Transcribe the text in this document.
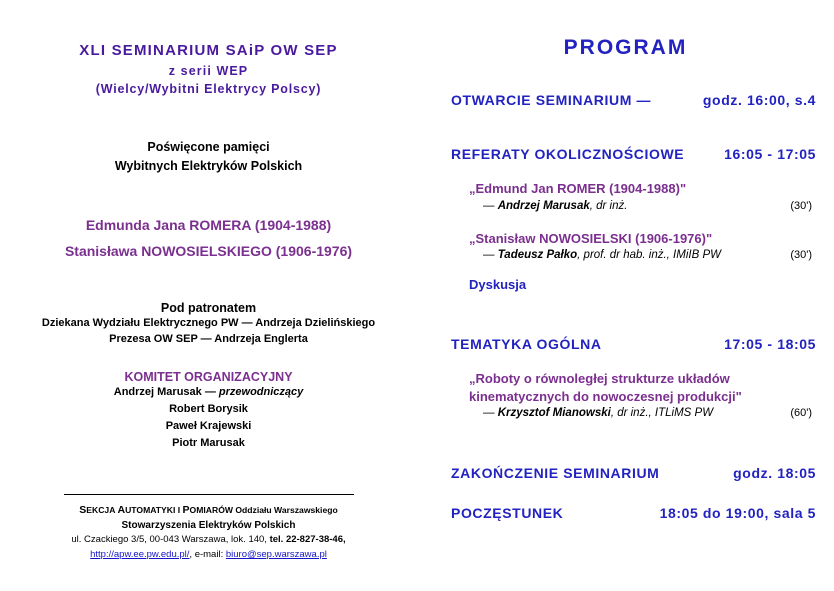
XLI SEMINARIUM SAiP OW SEP
z serii WEP
(Wielcy/Wybitni Elektrycy Polscy)
Poświęcone pamięci
Wybitnych Elektryków Polskich
Edmunda Jana ROMERA (1904-1988)
Stanisława NOWOSIELSKIEGO (1906-1976)
Pod patronatem
Dziekana Wydziału Elektrycznego PW — Andrzeja Dzielińskiego
Prezesa OW SEP — Andrzeja Englerta
KOMITET ORGANIZACYJNY
Andrzej Marusak — przewodniczący
Robert Borysik
Paweł Krajewski
Piotr Marusak
SEKCJA AUTOMATYKI I POMIARÓW Oddziału Warszawskiego
Stowarzyszenia Elektryków Polskich
ul. Czackiego 3/5, 00-043 Warszawa, lok. 140, tel. 22-827-38-46,
http://apw.ee.pw.edu.pl/, e-mail: biuro@sep.warszawa.pl
PROGRAM
OTWARCIE SEMINARIUM —	godz. 16:00, s.4
REFERATY OKOLICZNOŚCIOWE	16:05 - 17:05
„Edmund Jan ROMER (1904-1988)"
— Andrzej Marusak, dr inż.	(30')
„Stanisław NOWOSIELSKI (1906-1976)"
— Tadeusz Pałko, prof. dr hab. inż., IMiIB PW	(30')
Dyskusja
TEMATYKA OGÓLNA	17:05 - 18:05
„Roboty o równoległej strukturze układów
kinematycznych do nowoczesnej produkcji"
— Krzysztof Mianowski, dr inż., ITLiMS PW	(60')
ZAKOŃCZENIE SEMINARIUM	godz. 18:05
POCZĘSTUNEK	18:05 do 19:00, sala 5
